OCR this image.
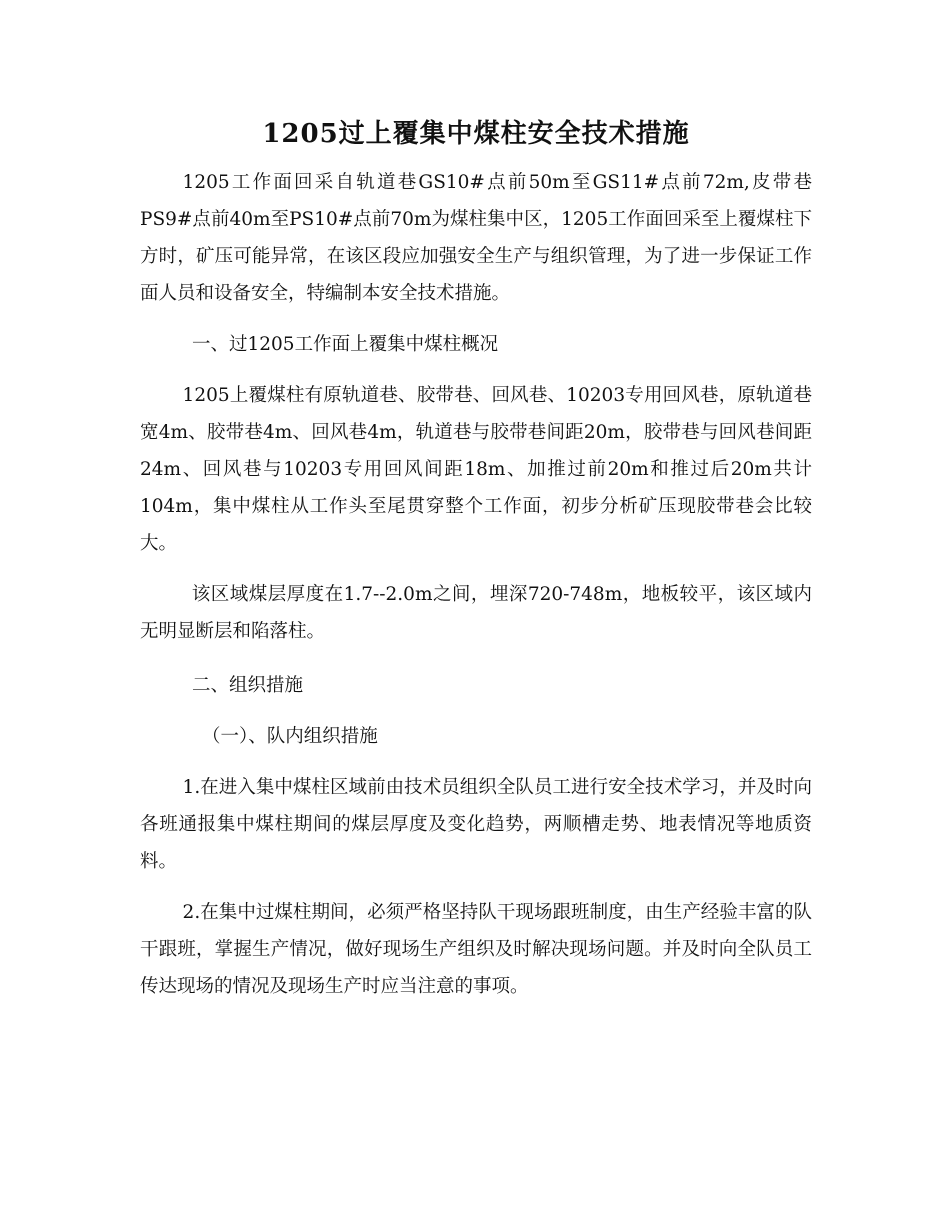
1205过上覆集中煤柱安全技术措施

1205工作面回采自轨道巷GS10#点前50m至GS11#点前72m,皮带巷PS9#点前40m至PS10#点前70m为煤柱集中区，1205工作面回采至上覆煤柱下方时，矿压可能异常，在该区段应加强安全生产与组织管理，为了进一步保证工作面人员和设备安全，特编制本安全技术措施。

一、过1205工作面上覆集中煤柱概况

1205上覆煤柱有原轨道巷、胶带巷、回风巷、10203专用回风巷，原轨道巷宽4m、胶带巷4m、回风巷4m，轨道巷与胶带巷间距20m，胶带巷与回风巷间距24m、回风巷与10203专用回风间距18m、加推过前20m和推过后20m共计104m，集中煤柱从工作头至尾贯穿整个工作面，初步分析矿压现胶带巷会比较大。

该区域煤层厚度在1.7--2.0m之间，埋深720-748m，地板较平，该区域内无明显断层和陷落柱。

二、组织措施

（一）、队内组织措施

1.在进入集中煤柱区域前由技术员组织全队员工进行安全技术学习，并及时向各班通报集中煤柱期间的煤层厚度及变化趋势，两顺槽走势、地表情况等地质资料。

2.在集中过煤柱期间，必须严格坚持队干现场跟班制度，由生产经验丰富的队干跟班，掌握生产情况，做好现场生产组织及时解决现场问题。并及时向全队员工传达现场的情况及现场生产时应当注意的事项。
